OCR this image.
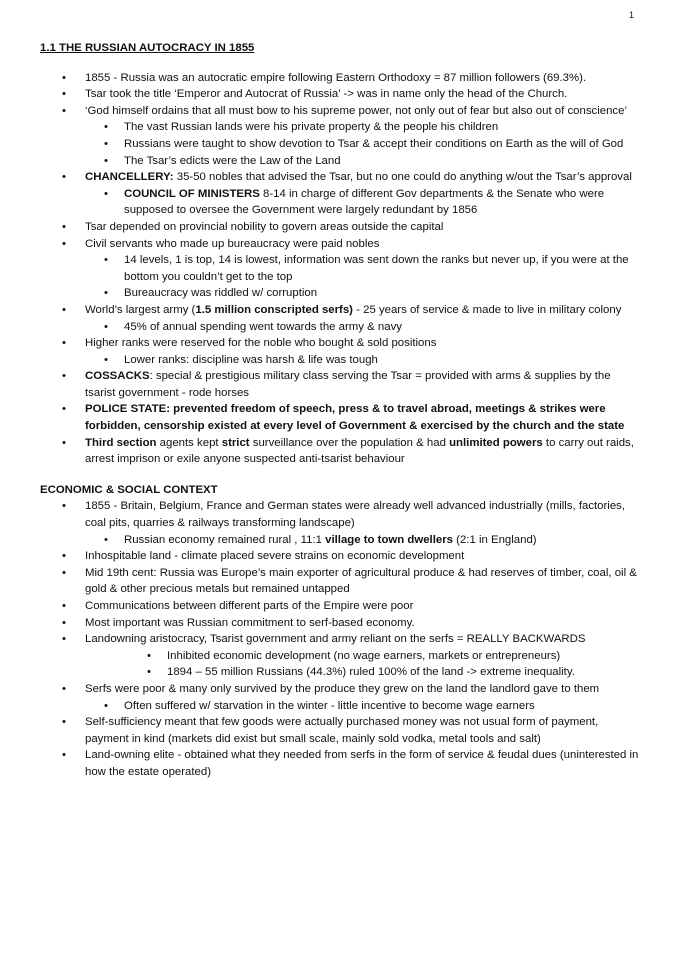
1
1.1 THE RUSSIAN AUTOCRACY IN 1855
• 1855 - Russia was an autocratic empire following Eastern Orthodoxy = 87 million followers (69.3%).
• Tsar took the title ‘Emperor and Autocrat of Russia’ -> was in name only the head of the Church.
• ‘God himself ordains that all must bow to his supreme power, not only out of fear but also out of conscience’
• The vast Russian lands were his private property & the people his children
• Russians were taught to show devotion to Tsar & accept their conditions on Earth as the will of God
• The Tsar’s edicts were the Law of the Land
• CHANCELLERY: 35-50 nobles that advised the Tsar, but no one could do anything w/out the Tsar’s approval
• COUNCIL OF MINISTERS 8-14 in charge of different Gov departments & the Senate who were supposed to oversee the Government were largely redundant by 1856
• Tsar depended on provincial nobility to govern areas outside the capital
• Civil servants who made up bureaucracy were paid nobles
• 14 levels, 1 is top, 14 is lowest, information was sent down the ranks but never up, if you were at the bottom you couldn’t get to the top
• Bureaucracy was riddled w/ corruption
• World’s largest army (1.5 million conscripted serfs) - 25 years of service & made to live in military colony
• 45% of annual spending went towards the army & navy
• Higher ranks were reserved for the noble who bought & sold positions
• Lower ranks: discipline was harsh & life was tough
• COSSACKS: special & prestigious military class serving the Tsar = provided with arms & supplies by the tsarist government - rode horses
• POLICE STATE: prevented freedom of speech, press & to travel abroad, meetings & strikes were forbidden, censorship existed at every level of Government & exercised by the church and the state
• Third section agents kept strict surveillance over the population & had unlimited powers to carry out raids, arrest imprison or exile anyone suspected anti-tsarist behaviour
ECONOMIC & SOCIAL CONTEXT
• 1855 - Britain, Belgium, France and German states were already well advanced industrially (mills, factories, coal pits, quarries & railways transforming landscape)
• Russian economy remained rural , 11:1 village to town dwellers (2:1 in England)
• Inhospitable land - climate placed severe strains on economic development
• Mid 19th cent: Russia was Europe’s main exporter of agricultural produce & had reserves of timber, coal, oil & gold & other precious metals but remained untapped
• Communications between different parts of the Empire were poor
• Most important was Russian commitment to serf-based economy.
• Landowning aristocracy, Tsarist government and army reliant on the serfs = REALLY BACKWARDS
• Inhibited economic development (no wage earners, markets or entrepreneurs)
• 1894 – 55 million Russians (44.3%) ruled 100% of the land -> extreme inequality.
• Serfs were poor & many only survived by the produce they grew on the land the landlord gave to them
• Often suffered w/ starvation in the winter - little incentive to become wage earners
• Self-sufficiency meant that few goods were actually purchased money was not usual form of payment, payment in kind (markets did exist but small scale, mainly sold vodka, metal tools and salt)
• Land-owning elite - obtained what they needed from serfs in the form of service & feudal dues (uninterested in how the estate operated)
